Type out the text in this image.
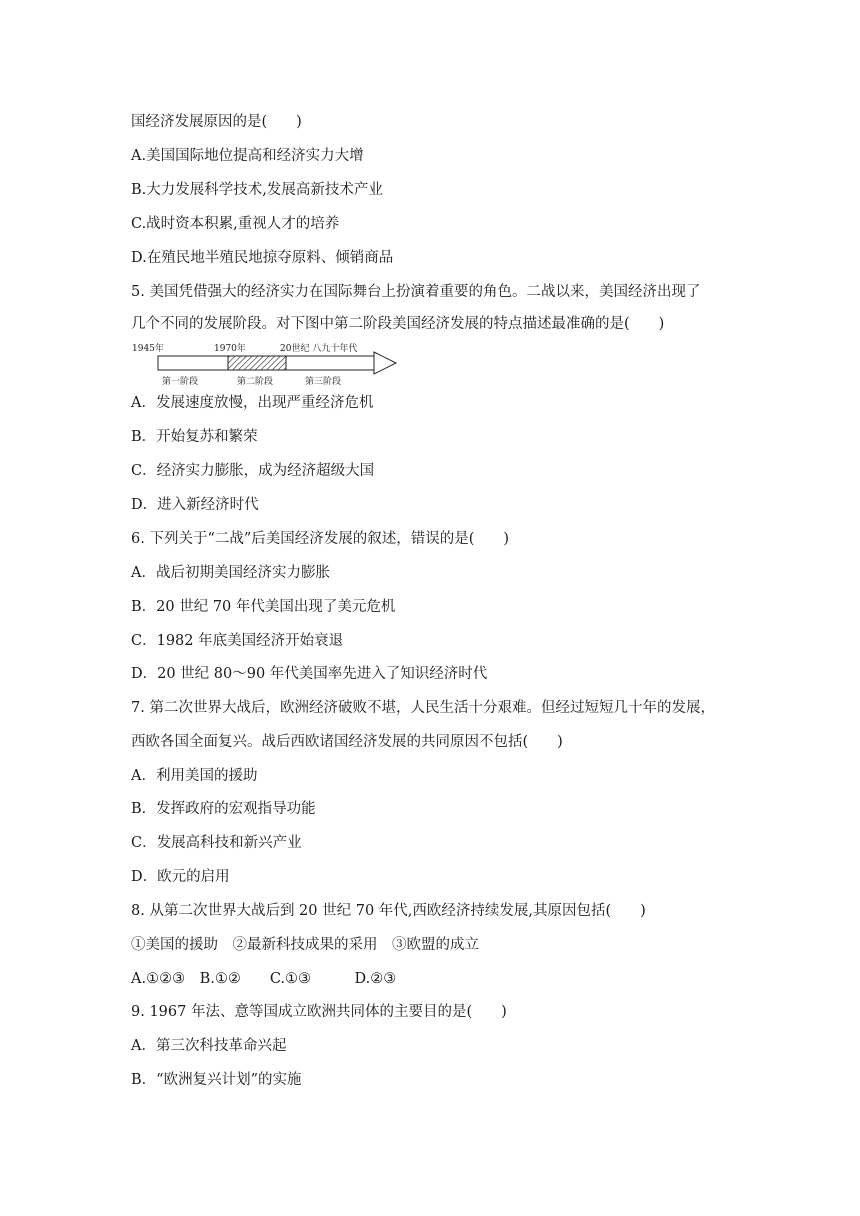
国经济发展原因的是(　　)
A.美国国际地位提高和经济实力大增
B.大力发展科学技术,发展高新技术产业
C.战时资本积累,重视人才的培养
D.在殖民地半殖民地掠夺原料、倾销商品
5. 美国凭借强大的经济实力在国际舞台上扮演着重要的角色。二战以来，美国经济出现了
几个不同的发展阶段。对下图中第二阶段美国经济发展的特点描述最准确的是(　　)
1945年	1970年	20世纪 八九十年代
第一阶段	第二阶段	第三阶段
A．发展速度放慢，出现严重经济危机
B．开始复苏和繁荣
C．经济实力膨胀，成为经济超级大国
D．进入新经济时代
6. 下列关于“二战”后美国经济发展的叙述，错误的是(　　)
A．战后初期美国经济实力膨胀
B．20 世纪 70 年代美国出现了美元危机
C．1982 年底美国经济开始衰退
D．20 世纪 80～90 年代美国率先进入了知识经济时代
7. 第二次世界大战后，欧洲经济破败不堪，人民生活十分艰难。但经过短短几十年的发展，
西欧各国全面复兴。战后西欧诸国经济发展的共同原因不包括(　　)
A．利用美国的援助
B．发挥政府的宏观指导功能
C．发展高科技和新兴产业
D．欧元的启用
8. 从第二次世界大战后到 20 世纪 70 年代,西欧经济持续发展,其原因包括(　　)
①美国的援助　②最新科技成果的采用　③欧盟的成立
A.①②③　B.①②　　C.①③　　　D.②③
9. 1967 年法、意等国成立欧洲共同体的主要目的是(　　)
A．第三次科技革命兴起
B．“欧洲复兴计划”的实施
